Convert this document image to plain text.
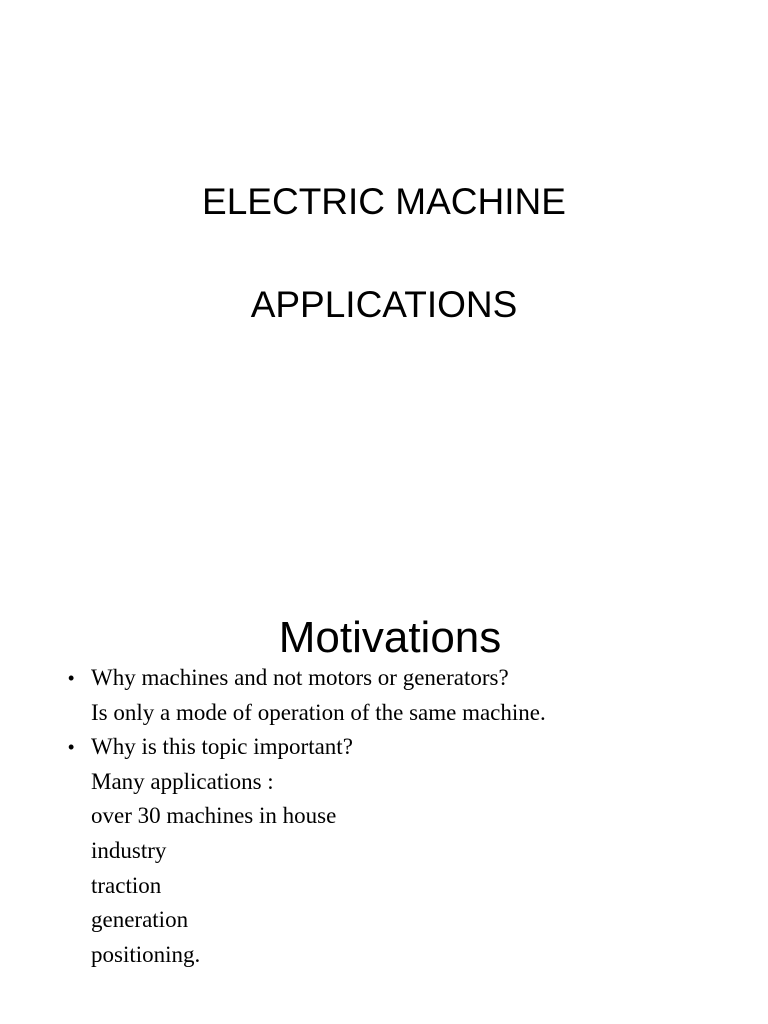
ELECTRIC MACHINE
APPLICATIONS
Motivations
• Why machines and not motors or generators?
Is only a mode of operation of the same machine.
• Why is this topic important?
Many applications :
over 30 machines in house
industry
traction
generation
positioning.
